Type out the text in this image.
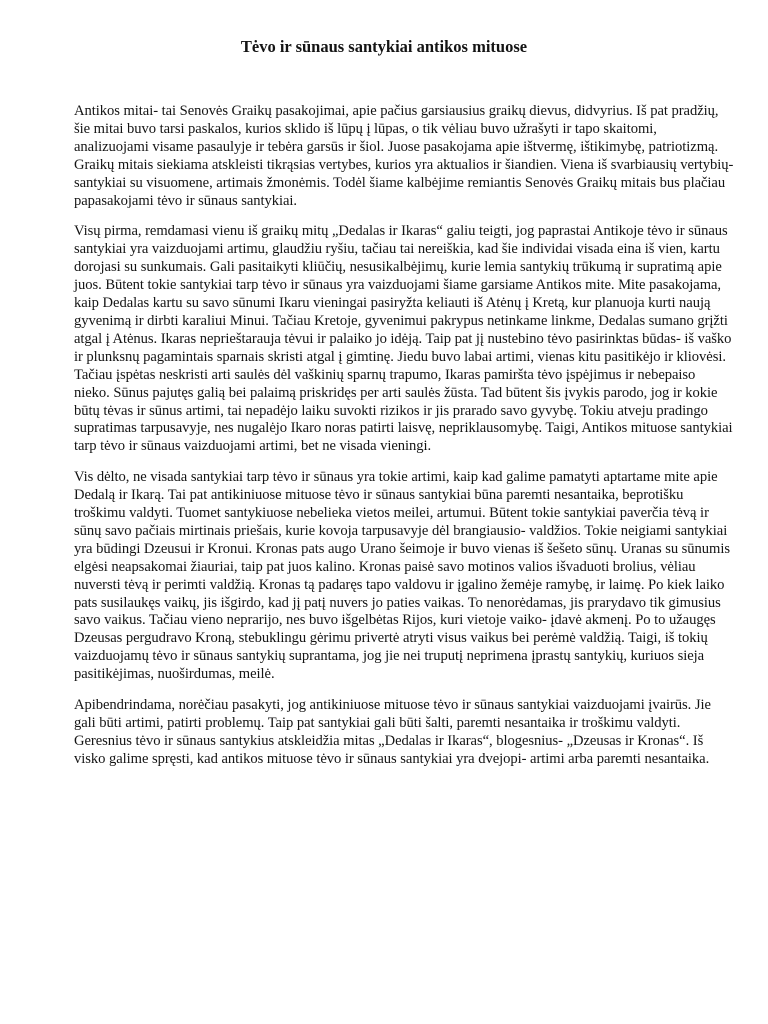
Tėvo ir sūnaus santykiai antikos mituose

Antikos mitai- tai Senovės Graikų pasakojimai, apie pačius garsiausius graikų dievus, didvyrius. Iš pat pradžių, šie mitai buvo tarsi paskalos, kurios sklido iš lūpų į lūpas, o tik vėliau buvo užrašyti ir tapo skaitomi, analizuojami visame pasaulyje ir tebėra garsūs ir šiol. Juose pasakojama apie ištvermę, ištikimybę, patriotizmą. Graikų mitais siekiama atskleisti tikrąsias vertybes, kurios yra aktualios ir šiandien. Viena iš svarbiausių vertybių- santykiai su visuomene, artimais žmonėmis. Todėl šiame kalbėjime remiantis Senovės Graikų mitais bus plačiau papasakojami tėvo ir sūnaus santykiai.

Visų pirma, remdamasi vienu iš graikų mitų „Dedalas ir Ikaras“ galiu teigti, jog paprastai Antikoje tėvo ir sūnaus santykiai yra vaizduojami artimu, glaudžiu ryšiu, tačiau tai nereiškia, kad šie individai visada eina iš vien, kartu dorojasi su sunkumais. Gali pasitaikyti kliūčių, nesusikalbėjimų, kurie lemia santykių trūkumą ir supratimą apie juos. Būtent tokie santykiai tarp tėvo ir sūnaus yra vaizduojami šiame garsiame Antikos mite. Mite pasakojama, kaip Dedalas kartu su savo sūnumi Ikaru vieningai pasiryžta keliauti iš Atėnų į Kretą, kur planuoja kurti naują gyvenimą ir dirbti karaliui Minui. Tačiau Kretoje, gyvenimui pakrypus netinkame linkme, Dedalas sumano grįžti atgal į Atėnus. Ikaras neprieštarauja tėvui ir palaiko jo idėją. Taip pat jį nustebino tėvo pasirinktas būdas- iš vaško ir plunksnų pagamintais sparnais skristi atgal į gimtinę. Jiedu buvo labai artimi, vienas kitu pasitikėjo ir kliovėsi. Tačiau įspėtas neskristi arti saulės dėl vaškinių sparnų trapumo, Ikaras pamiršta tėvo įspėjimus ir nebepaiso nieko. Sūnus pajutęs galią bei palaimą priskridęs per arti saulės žūsta. Tad būtent šis įvykis parodo, jog ir kokie būtų tėvas ir sūnus artimi, tai nepadėjo laiku suvokti rizikos ir jis prarado savo gyvybę. Tokiu atveju pradingo supratimas tarpusavyje, nes nugalėjo Ikaro noras patirti laisvę, nepriklausomybę. Taigi, Antikos mituose santykiai tarp tėvo ir sūnaus vaizduojami artimi, bet ne visada vieningi.

Vis dėlto, ne visada santykiai tarp tėvo ir sūnaus yra tokie artimi, kaip kad galime pamatyti aptartame mite apie Dedalą ir Ikarą. Tai pat antikiniuose mituose tėvo ir sūnaus santykiai būna paremti nesantaika, beprotišku troškimu valdyti. Tuomet santykiuose nebelieka vietos meilei, artumui. Būtent tokie santykiai paverčia tėvą ir sūnų savo pačiais mirtinais priešais, kurie kovoja tarpusavyje dėl brangiausio- valdžios. Tokie neigiami santykiai yra būdingi Dzeusui ir Kronui. Kronas pats augo Urano šeimoje ir buvo vienas iš šešeto sūnų. Uranas su sūnumis elgėsi neapsakomai žiauriai, taip pat juos kalino. Kronas paisė savo motinos valios išvaduoti brolius, vėliau nuversti tėvą ir perimti valdžią. Kronas tą padaręs tapo valdovu ir įgalino žemėje ramybę, ir laimę. Po kiek laiko pats susilaukęs vaikų, jis išgirdo, kad jį patį nuvers jo paties vaikas. To nenorėdamas, jis prarydavo tik gimusius savo vaikus. Tačiau vieno neprarijo, nes buvo išgelbėtas Rijos, kuri vietoje vaiko- įdavė akmenį. Po to užaugęs Dzeusas pergudravo Kroną, stebuklingu gėrimu privertė atryti visus vaikus bei perėmė valdžią. Taigi, iš tokių vaizduojamų tėvo ir sūnaus santykių suprantama, jog jie nei truputį neprimena įprastų santykių, kuriuos sieja pasitikėjimas, nuoširdumas, meilė.

Apibendrindama, norėčiau pasakyti, jog antikiniuose mituose tėvo ir sūnaus santykiai vaizduojami įvairūs. Jie gali būti artimi, patirti problemų. Taip pat santykiai gali būti šalti, paremti nesantaika ir troškimu valdyti. Geresnius tėvo ir sūnaus santykius atskleidžia mitas „Dedalas ir Ikaras“, blogesnius- „Dzeusas ir Kronas“. Iš visko galime spręsti, kad antikos mituose tėvo ir sūnaus santykiai yra dvejopi- artimi arba paremti nesantaika.
